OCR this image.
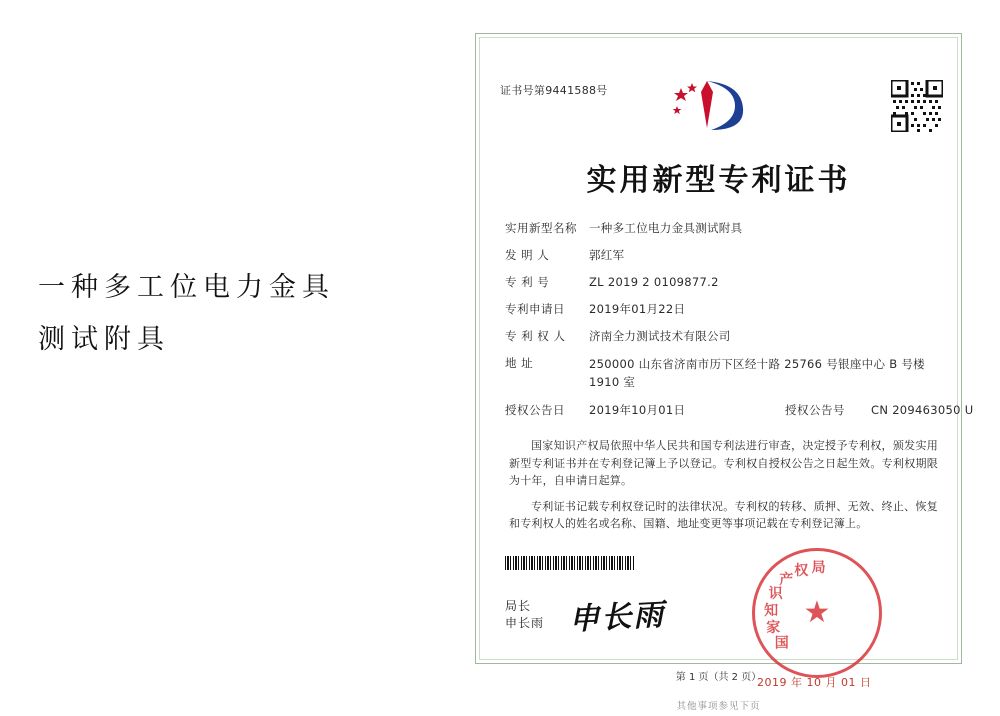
一种多工位电力金具
测试附具
证书号第9441588号
实用新型专利证书
实用新型名称	一种多工位电力金具测试附具
发 明 人	郭红军
专 利 号	ZL 2019 2 0109877.2
专利申请日	2019年01月22日
专 利 权 人	济南全力测试技术有限公司
地 址	250000 山东省济南市历下区经十路 25766 号银座中心 B 号楼 1910 室
授权公告日	2019年10月01日	授权公告号	CN 209463050 U

国家知识产权局依照中华人民共和国专利法进行审查，决定授予专利权，颁发实用新型专利证书并在专利登记簿上予以登记。专利权自授权公告之日起生效。专利权期限为十年，自申请日起算。

专利证书记载专利权登记时的法律状况。专利权的转移、质押、无效、终止、恢复和专利权人的姓名或名称、国籍、地址变更等事项记载在专利登记簿上。

局长
申长雨 申长雨	★
国
家
知
识
产
权 局
2019 年 10 月 01 日
第 1 页（共 2 页）
其他事项参见下页
